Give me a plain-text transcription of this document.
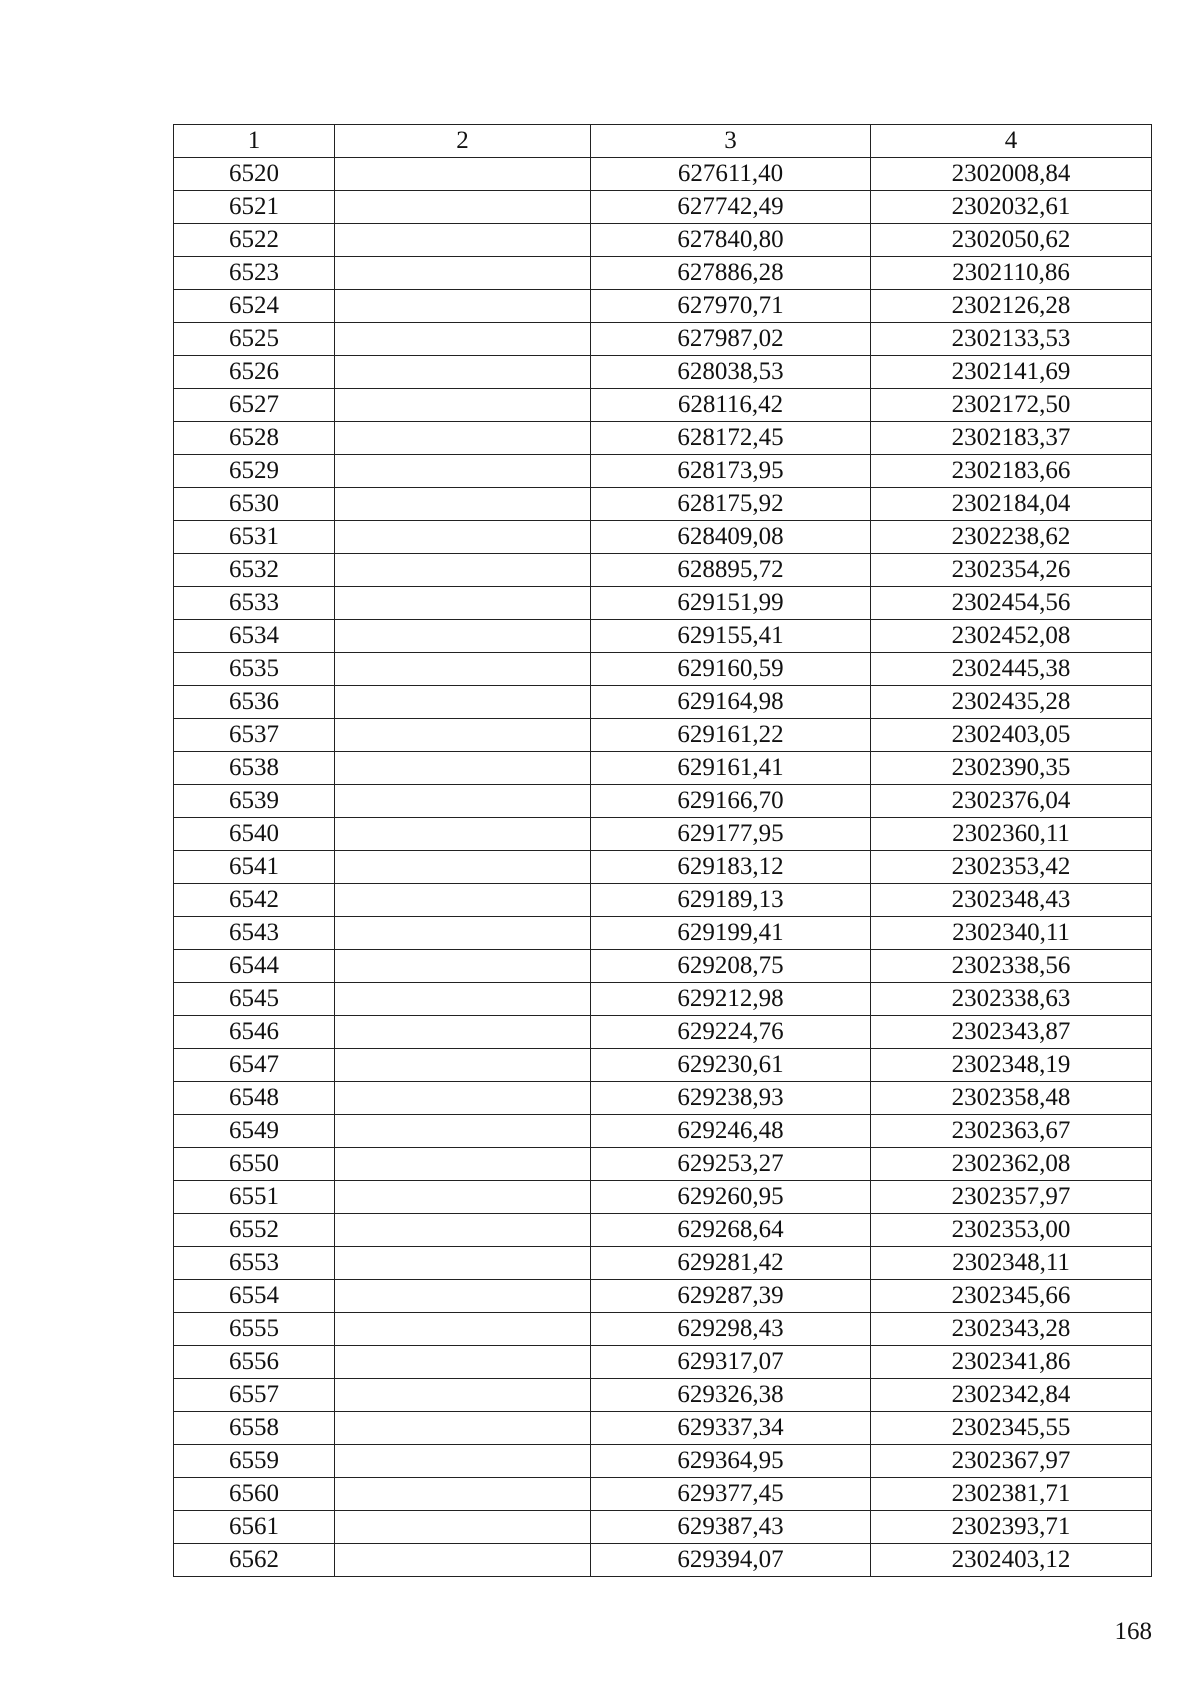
1	2	3	4
6520		627611,40	2302008,84
6521		627742,49	2302032,61
6522		627840,80	2302050,62
6523		627886,28	2302110,86
6524		627970,71	2302126,28
6525		627987,02	2302133,53
6526		628038,53	2302141,69
6527		628116,42	2302172,50
6528		628172,45	2302183,37
6529		628173,95	2302183,66
6530		628175,92	2302184,04
6531		628409,08	2302238,62
6532		628895,72	2302354,26
6533		629151,99	2302454,56
6534		629155,41	2302452,08
6535		629160,59	2302445,38
6536		629164,98	2302435,28
6537		629161,22	2302403,05
6538		629161,41	2302390,35
6539		629166,70	2302376,04
6540		629177,95	2302360,11
6541		629183,12	2302353,42
6542		629189,13	2302348,43
6543		629199,41	2302340,11
6544		629208,75	2302338,56
6545		629212,98	2302338,63
6546		629224,76	2302343,87
6547		629230,61	2302348,19
6548		629238,93	2302358,48
6549		629246,48	2302363,67
6550		629253,27	2302362,08
6551		629260,95	2302357,97
6552		629268,64	2302353,00
6553		629281,42	2302348,11
6554		629287,39	2302345,66
6555		629298,43	2302343,28
6556		629317,07	2302341,86
6557		629326,38	2302342,84
6558		629337,34	2302345,55
6559		629364,95	2302367,97
6560		629377,45	2302381,71
6561		629387,43	2302393,71
6562		629394,07	2302403,12
168
